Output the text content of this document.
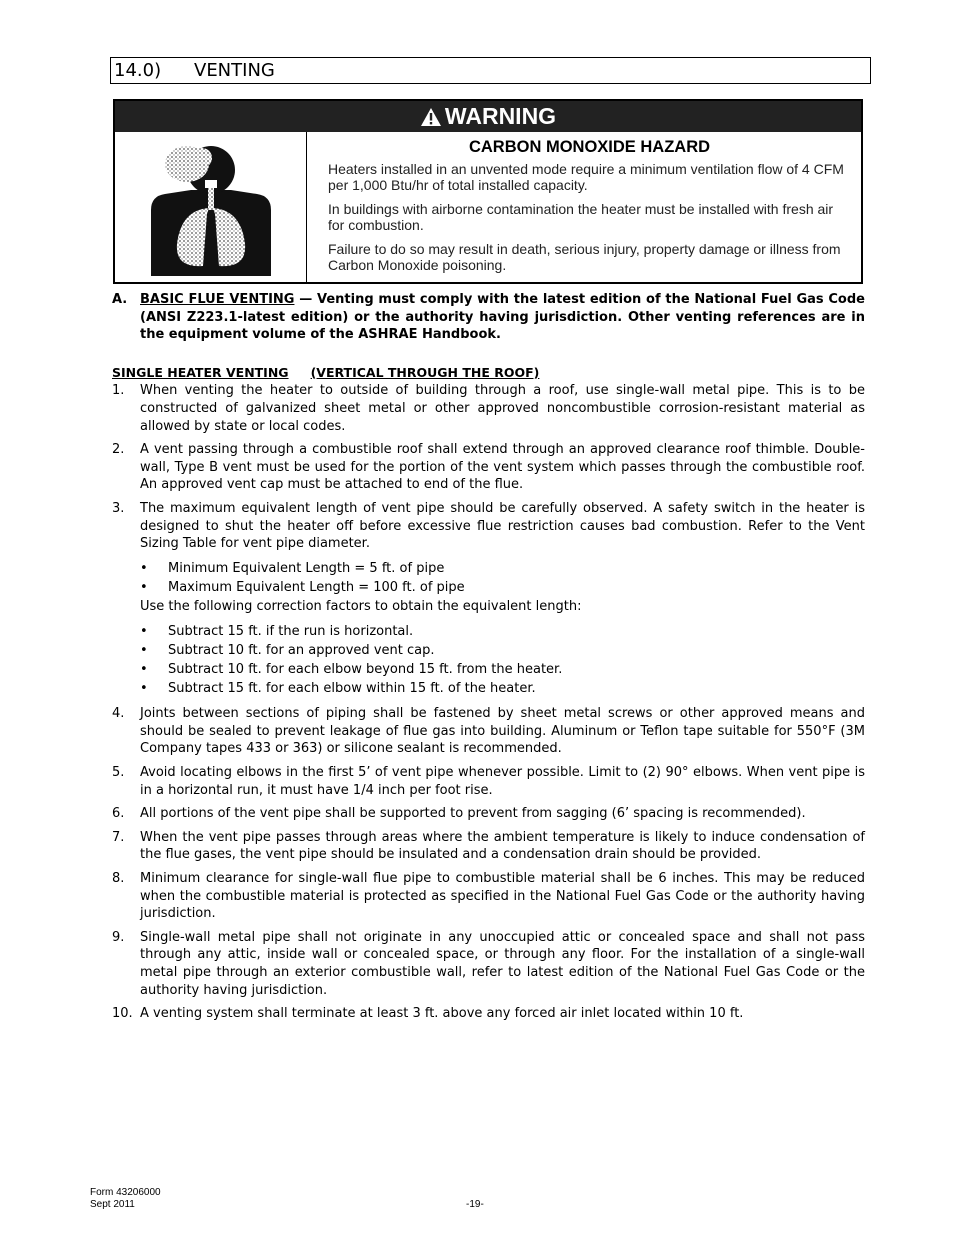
14.0) VENTING
WARNING
CARBON MONOXIDE HAZARD

Heaters installed in an unvented mode require a minimum ventilation flow of 4 CFM per 1,000 Btu/hr of total installed capacity.

In buildings with airborne contamination the heater must be installed with fresh air for combustion.

Failure to do so may result in death, serious injury, property damage or illness from Carbon Monoxide poisoning.

A. BASIC FLUE VENTING — Venting must comply with the latest edition of the National Fuel Gas Code (ANSI Z223.1-latest edition) or the authority having jurisdiction. Other venting references are in the equipment volume of the ASHRAE Handbook.

SINGLE HEATER VENTING (VERTICAL THROUGH THE ROOF)
1.	When venting the heater to outside of building through a roof, use single-wall metal pipe. This is to be constructed of galvanized sheet metal or other approved noncombustible corrosion-resistant material as allowed by state or local codes.
2.	A vent passing through a combustible roof shall extend through an approved clearance roof thimble. Double-wall, Type B vent must be used for the portion of the vent system which passes through the combustible roof. An approved vent cap must be attached to end of the flue.
3.	The maximum equivalent length of vent pipe should be carefully observed. A safety switch in the heater is designed to shut the heater off before excessive flue restriction causes bad combustion. Refer to the Vent Sizing Table for vent pipe diameter.
•	Minimum Equivalent Length = 5 ft. of pipe
•	Maximum Equivalent Length = 100 ft. of pipe
Use the following correction factors to obtain the equivalent length:
•	Subtract 15 ft. if the run is horizontal.
•	Subtract 10 ft. for an approved vent cap.
•	Subtract 10 ft. for each elbow beyond 15 ft. from the heater.
•	Subtract 15 ft. for each elbow within 15 ft. of the heater.
4.	Joints between sections of piping shall be fastened by sheet metal screws or other approved means and should be sealed to prevent leakage of flue gas into building. Aluminum or Teflon tape suitable for 550°F (3M Company tapes 433 or 363) or silicone sealant is recommended.
5.	Avoid locating elbows in the first 5’ of vent pipe whenever possible. Limit to (2) 90° elbows. When vent pipe is in a horizontal run, it must have 1/4 inch per foot rise.
6.	All portions of the vent pipe shall be supported to prevent from sagging (6’ spacing is recommended).
7.	When the vent pipe passes through areas where the ambient temperature is likely to induce condensation of the flue gases, the vent pipe should be insulated and a condensation drain should be provided.
8.	Minimum clearance for single-wall flue pipe to combustible material shall be 6 inches. This may be reduced when the combustible material is protected as specified in the National Fuel Gas Code or the authority having jurisdiction.
9.	Single-wall metal pipe shall not originate in any unoccupied attic or concealed space and shall not pass through any attic, inside wall or concealed space, or through any floor. For the installation of a single-wall metal pipe through an exterior combustible wall, refer to latest edition of the National Fuel Gas Code or the authority having jurisdiction.
10. A venting system shall terminate at least 3 ft. above any forced air inlet located within 10 ft.
Form 43206000
Sept 2011	-19-
